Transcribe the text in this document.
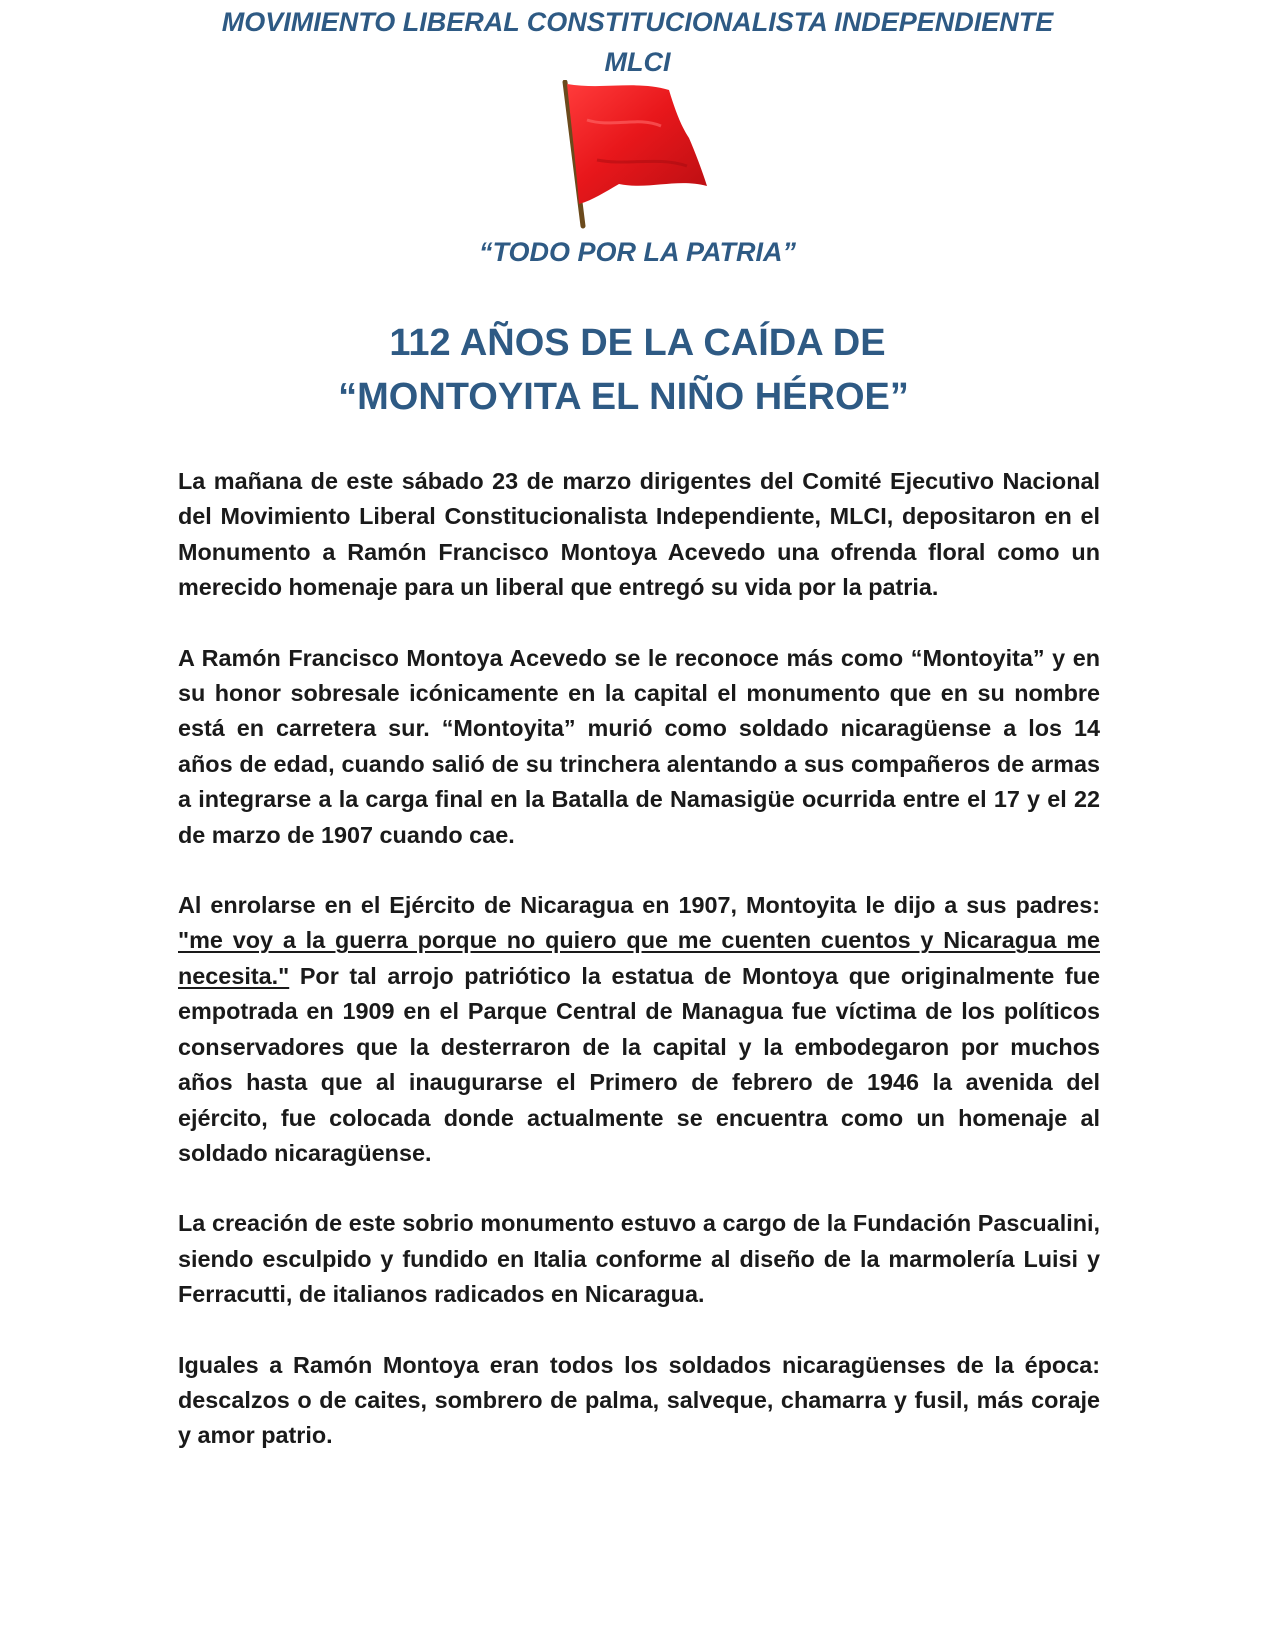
MOVIMIENTO LIBERAL CONSTITUCIONALISTA INDEPENDIENTE
MLCI
“TODO POR LA PATRIA”
112 AÑOS DE LA CAÍDA DE
“MONTOYITA EL NIÑO HÉROE”

La mañana de este sábado 23 de marzo dirigentes del Comité Ejecutivo Nacional del Movimiento Liberal Constitucionalista Independiente, MLCI, depositaron en el Monumento a Ramón Francisco Montoya Acevedo una ofrenda floral como un merecido homenaje para un liberal que entregó su vida por la patria.

A Ramón Francisco Montoya Acevedo se le reconoce más como “Montoyita” y en su honor sobresale icónicamente en la capital el monumento que en su nombre está en carretera sur. “Montoyita” murió como soldado nicaragüense a los 14 años de edad, cuando salió de su trinchera alentando a sus compañeros de armas a integrarse a la carga final en la Batalla de Namasigüe ocurrida entre el 17 y el 22 de marzo de 1907 cuando cae.

Al enrolarse en el Ejército de Nicaragua en 1907, Montoyita le dijo a sus padres: "me voy a la guerra porque no quiero que me cuenten cuentos y Nicaragua me necesita." Por tal arrojo patriótico la estatua de Montoya que originalmente fue empotrada en 1909 en el Parque Central de Managua fue víctima de los políticos conservadores que la desterraron de la capital y la embodegaron por muchos años hasta que al inaugurarse el Primero de febrero de 1946 la avenida del ejército, fue colocada donde actualmente se encuentra como un homenaje al soldado nicaragüense.

La creación de este sobrio monumento estuvo a cargo de la Fundación Pascualini, siendo esculpido y fundido en Italia conforme al diseño de la marmolería Luisi y Ferracutti, de italianos radicados en Nicaragua.

Iguales a Ramón Montoya eran todos los soldados nicaragüenses de la época: descalzos o de caites, sombrero de palma, salveque, chamarra y fusil, más coraje y amor patrio.
